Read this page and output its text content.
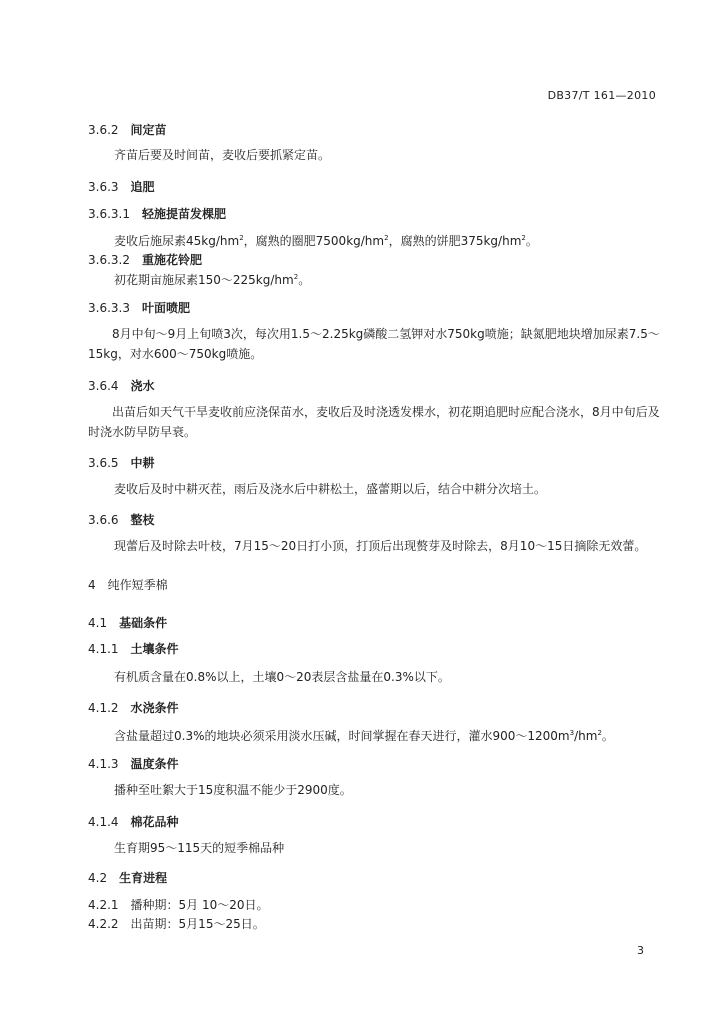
DB37/T 161—2010
3.6.2 间定苗
齐苗后要及时间苗，麦收后要抓紧定苗。
3.6.3 追肥
3.6.3.1 轻施提苗发棵肥
麦收后施尿素$45kg/hm^2$，腐熟的圈肥$7500kg/hm^2$，腐熟的饼肥$375kg/hm^2$。
3.6.3.2 重施花铃肥
初花期亩施尿素$150\sim 225kg/hm^2$。
3.6.3.3 叶面喷肥
8月中旬～9月上旬喷3次，每次用1.5～2.25kg磷酸二氢钾对水750kg喷施；缺氮肥地块增加尿素7.5～15kg，对水600～750kg喷施。
3.6.4 浇水
出苗后如天气干旱麦收前应浇保苗水，麦收后及时浇透发棵水，初花期追肥时应配合浇水，8月中旬后及时浇水防早防早衰。
3.6.5 中耕
麦收后及时中耕灭茬，雨后及浇水后中耕松土，盛蕾期以后，结合中耕分次培土。
3.6.6 整枝
现蕾后及时除去叶枝，7月15～20日打小顶，打顶后出现赘芽及时除去，8月10～15日摘除无效蕾。
4 纯作短季棉
4.1 基础条件
4.1.1 土壤条件
有机质含量在0.8%以上，土壤0～20表层含盐量在0.3%以下。
4.1.2 水浇条件
含盐量超过0.3%的地块必须采用淡水压碱，时间掌握在春天进行，灌水$900\sim 1200m^3/hm^2$。
4.1.3 温度条件
播种至吐絮大于15度积温不能少于2900度。
4.1.4 棉花品种
生育期95～115天的短季棉品种
4.2 生育进程
4.2.1 播种期：5月 10～20日。
4.2.2 出苗期：5月15～25日。
3
